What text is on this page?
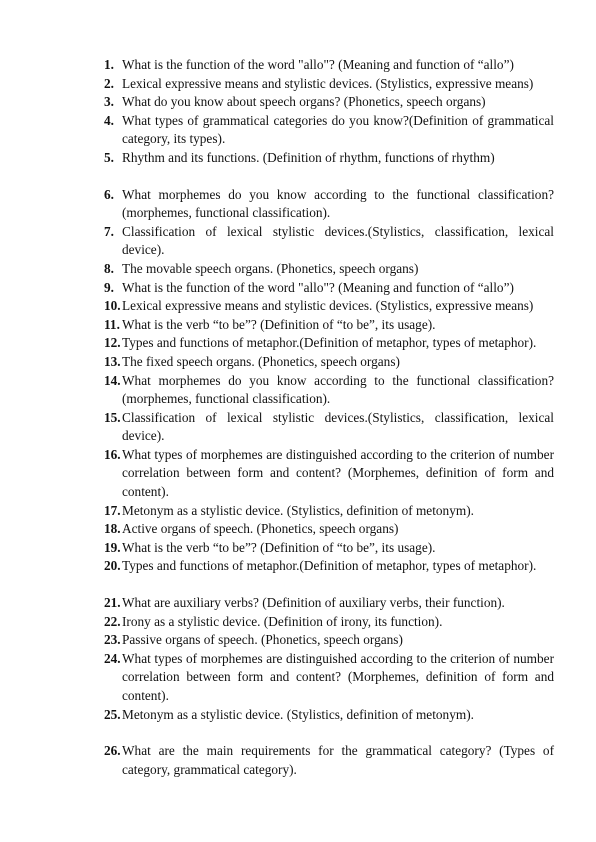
1. What is the function of the word "allo"? (Meaning and function of “allo”)
2. Lexical expressive means and stylistic devices. (Stylistics, expressive means)
3. What do you know about speech organs? (Phonetics, speech organs)
4. What types of grammatical categories do you know?(Definition of grammatical category, its types).
5. Rhythm and its functions. (Definition of rhythm, functions of rhythm)
6. What morphemes do you know according to the functional classification? (morphemes, functional classification).
7. Classification of lexical stylistic devices.(Stylistics, classification, lexical device).
8. The movable speech organs. (Phonetics, speech organs)
9. What is the function of the word "allo"? (Meaning and function of “allo”)
10. Lexical expressive means and stylistic devices. (Stylistics, expressive means)
11. What is the verb “to be”? (Definition of “to be”, its usage).
12. Types and functions of metaphor.(Definition of metaphor, types of metaphor).
13. The fixed speech organs. (Phonetics, speech organs)
14. What morphemes do you know according to the functional classification? (morphemes, functional classification).
15. Classification of lexical stylistic devices.(Stylistics, classification, lexical device).
16. What types of morphemes are distinguished according to the criterion of number correlation between form and content? (Morphemes, definition of form and content).
17. Metonym as a stylistic device. (Stylistics, definition of metonym).
18. Active organs of speech. (Phonetics, speech organs)
19. What is the verb “to be”? (Definition of “to be”, its usage).
20. Types and functions of metaphor.(Definition of metaphor, types of metaphor).
21. What are auxiliary verbs? (Definition of auxiliary verbs, their function).
22. Irony as a stylistic device. (Definition of irony, its function).
23. Passive organs of speech. (Phonetics, speech organs)
24. What types of morphemes are distinguished according to the criterion of number correlation between form and content? (Morphemes, definition of form and content).
25. Metonym as a stylistic device. (Stylistics, definition of metonym).
26. What are the main requirements for the grammatical category? (Types of category, grammatical category).
